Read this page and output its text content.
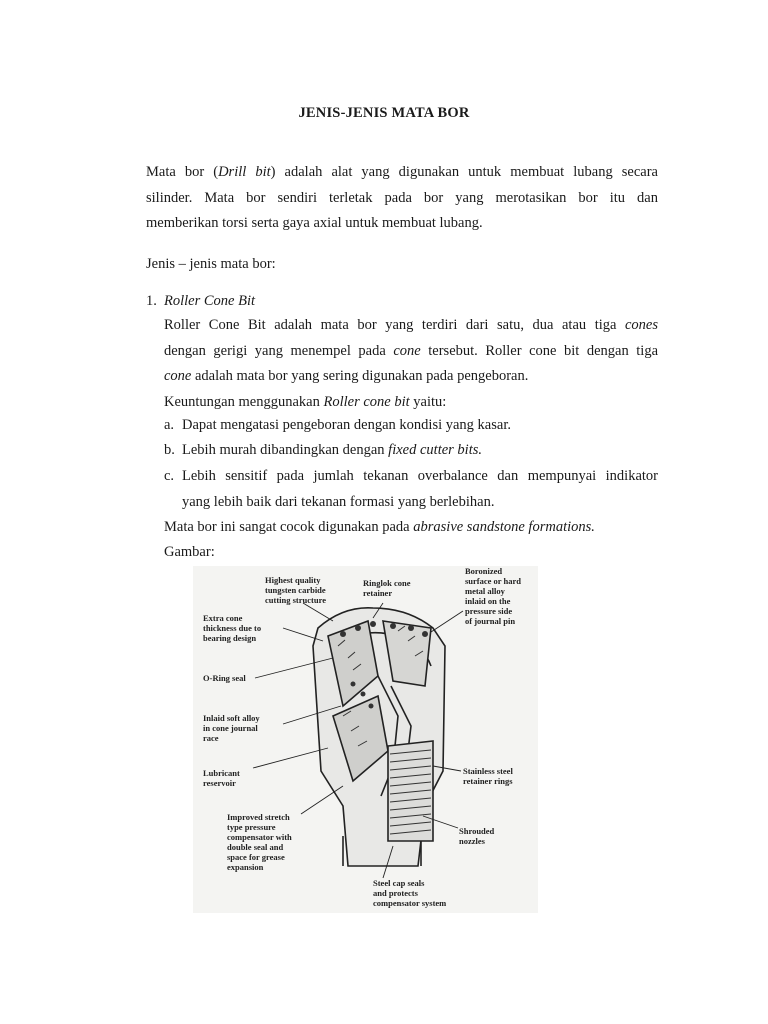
JENIS-JENIS MATA BOR
Mata bor (Drill bit) adalah alat yang digunakan untuk membuat lubang secara
silinder. Mata bor sendiri terletak pada bor yang merotasikan bor itu dan
memberikan torsi serta gaya axial untuk membuat lubang.
Jenis – jenis mata bor:
1. Roller Cone Bit
Roller Cone Bit adalah mata bor yang terdiri dari satu, dua atau tiga cones
dengan gerigi yang menempel pada cone tersebut. Roller cone bit dengan tiga
cone adalah mata bor yang sering digunakan pada pengeboran.
Keuntungan menggunakan Roller cone bit yaitu:
a. Dapat mengatasi pengeboran dengan kondisi yang kasar.
b. Lebih murah dibandingkan dengan fixed cutter bits.
c. Lebih sensitif pada jumlah tekanan overbalance dan mempunyai indikator
yang lebih baik dari tekanan formasi yang berlebihan.
Mata bor ini sangat cocok digunakan pada abrasive sandstone formations.
Gambar:
Highest quality tungsten carbide cutting structure
Ringlok cone retainer
Boronized surface or hard metal alloy inlaid on the pressure side of journal pin
Extra cone thickness due to bearing design
O-Ring seal
Inlaid soft alloy in cone journal race
Lubricant reservoir
Improved stretch type pressure compensator with double seal and space for grease expansion
Stainless steel retainer rings
Shrouded nozzles
Steel cap seals and protects compensator system
